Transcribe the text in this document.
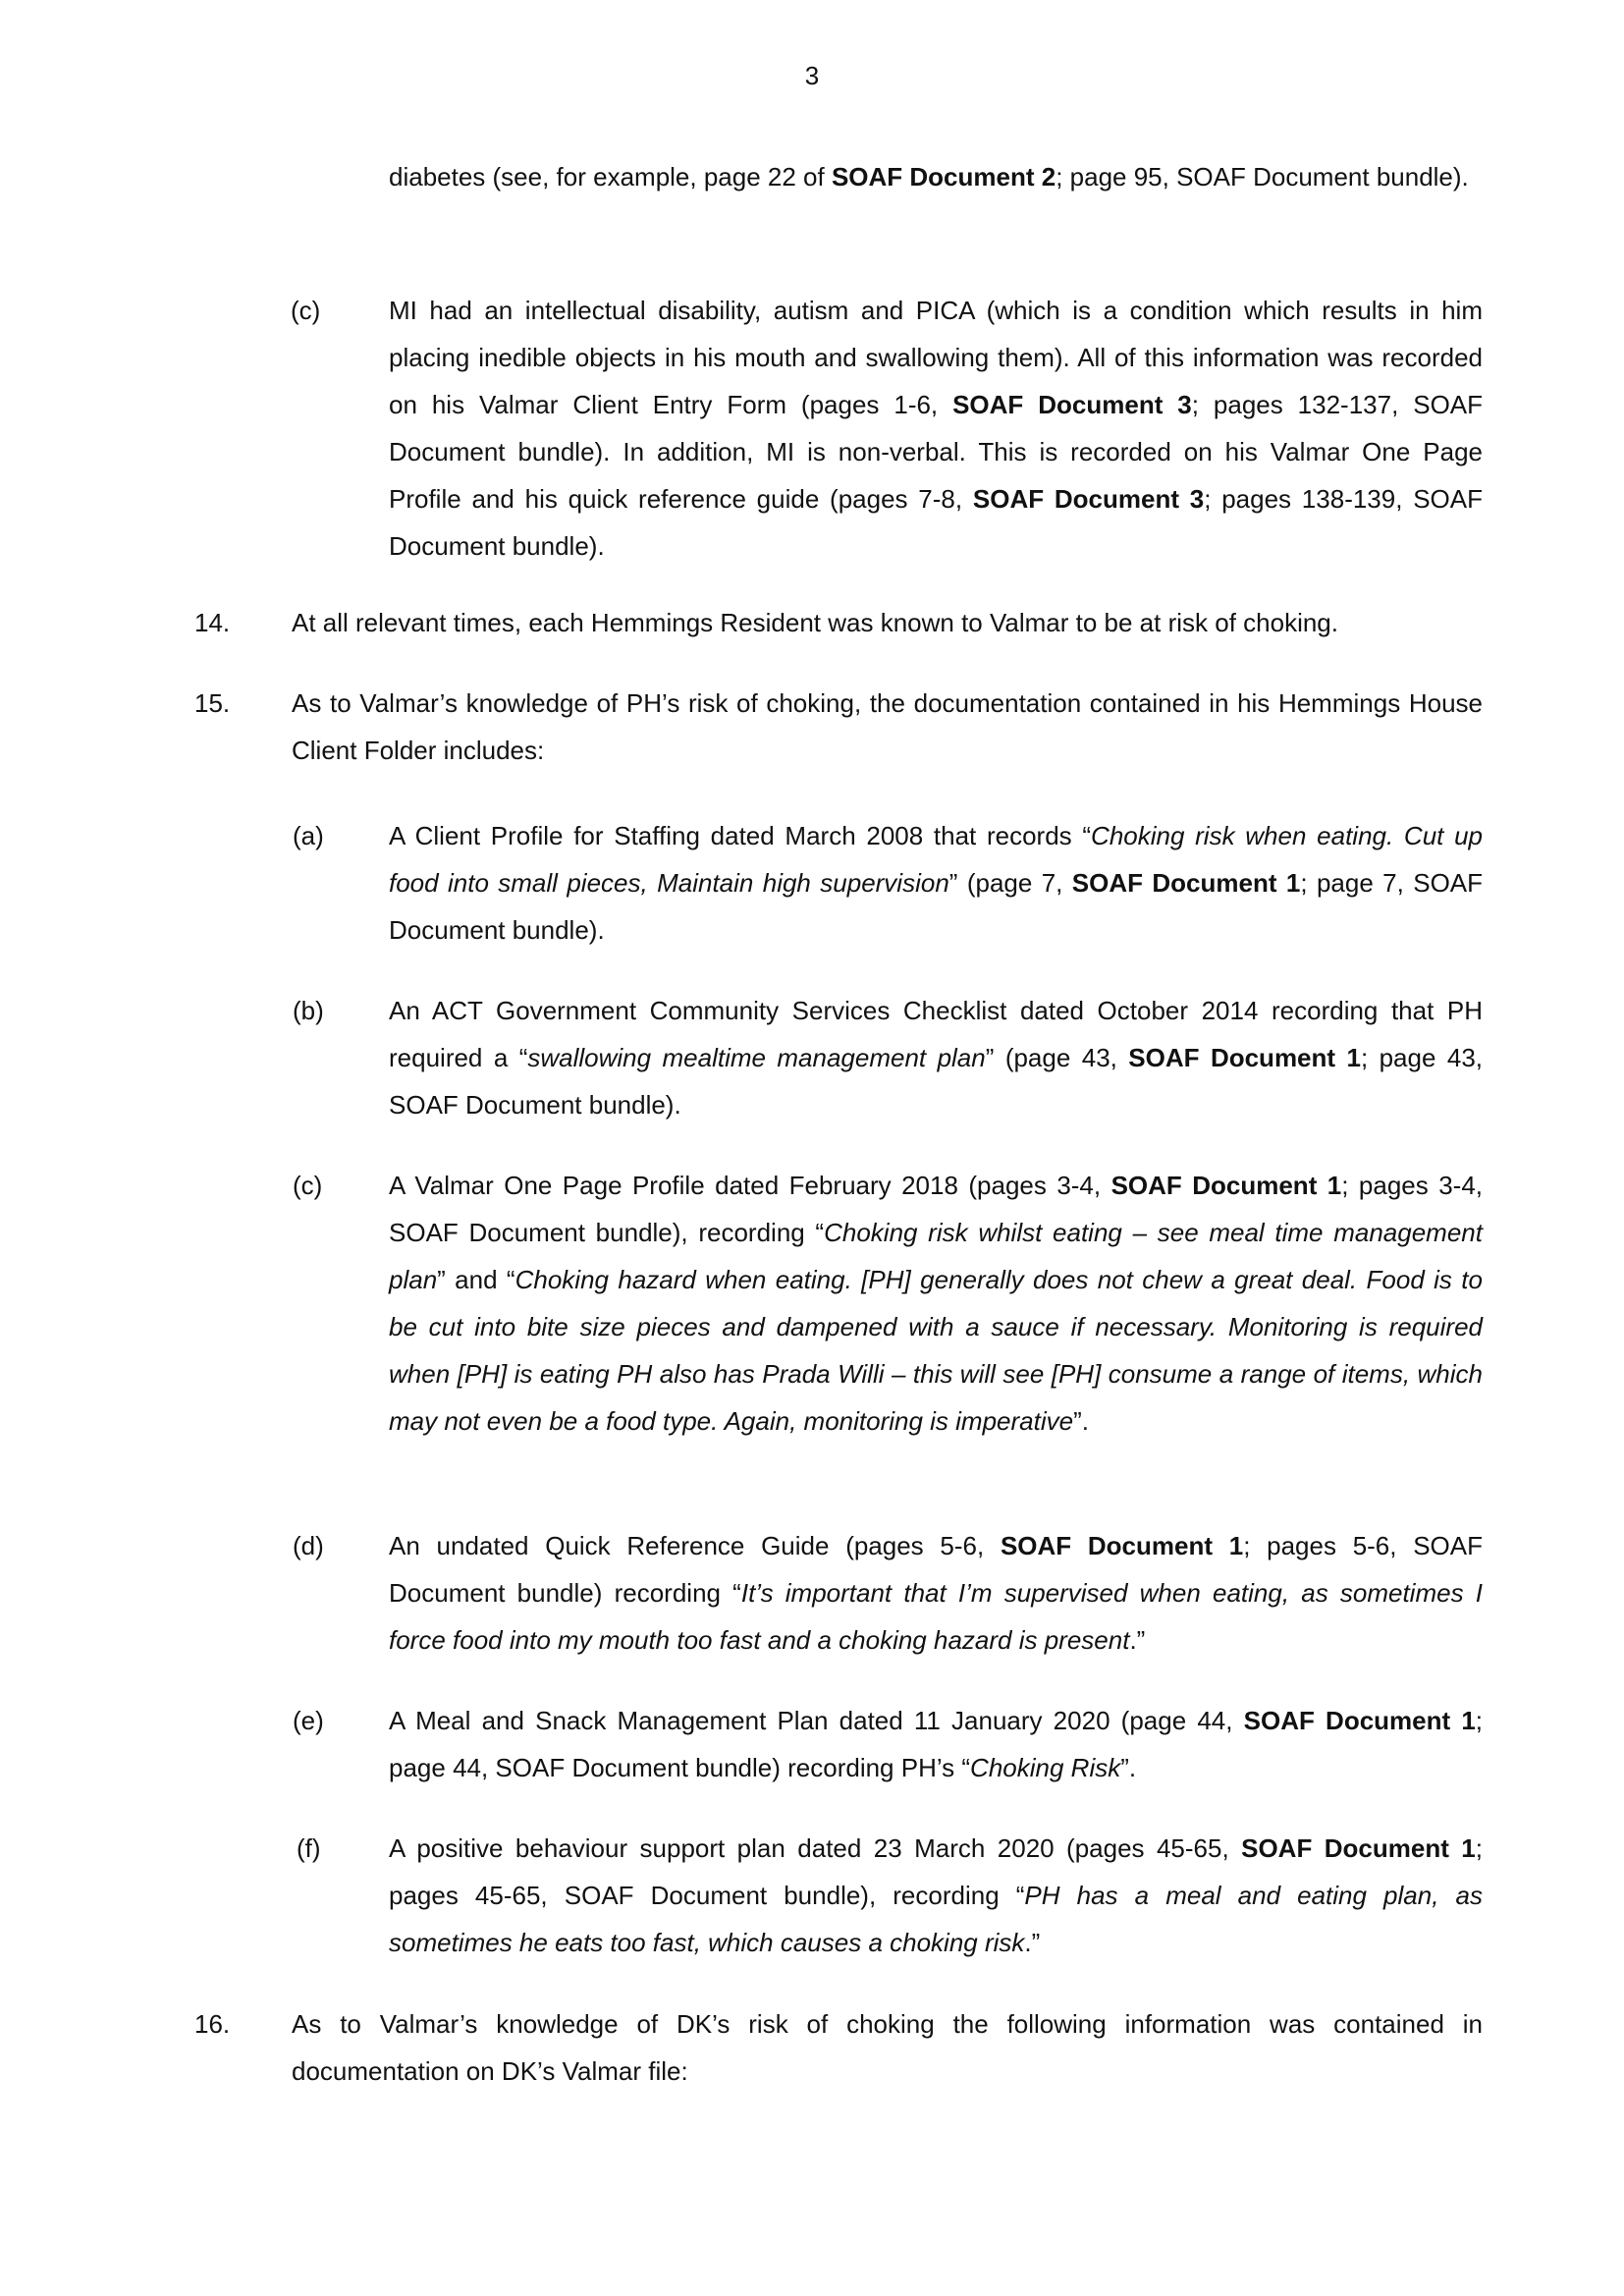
3

diabetes (see, for example, page 22 of SOAF Document 2; page 95, SOAF Document bundle).

(c)	MI had an intellectual disability, autism and PICA (which is a condition which results in him placing inedible objects in his mouth and swallowing them). All of this information was recorded on his Valmar Client Entry Form (pages 1-6, SOAF Document 3; pages 132-137, SOAF Document bundle). In addition, MI is non-verbal. This is recorded on his Valmar One Page Profile and his quick reference guide (pages 7-8, SOAF Document 3; pages 138-139, SOAF Document bundle).

14. At all relevant times, each Hemmings Resident was known to Valmar to be at risk of choking.

15. As to Valmar’s knowledge of PH’s risk of choking, the documentation contained in his Hemmings House Client Folder includes:

(a)	A Client Profile for Staffing dated March 2008 that records “Choking risk when eating. Cut up food into small pieces, Maintain high supervision” (page 7, SOAF Document 1; page 7, SOAF Document bundle).

(b)	An ACT Government Community Services Checklist dated October 2014 recording that PH required a “swallowing mealtime management plan” (page 43, SOAF Document 1; page 43, SOAF Document bundle).

(c)	A Valmar One Page Profile dated February 2018 (pages 3-4, SOAF Document 1; pages 3-4, SOAF Document bundle), recording “Choking risk whilst eating – see meal time management plan” and “Choking hazard when eating. [PH] generally does not chew a great deal. Food is to be cut into bite size pieces and dampened with a sauce if necessary. Monitoring is required when [PH] is eating PH also has Prada Willi – this will see [PH] consume a range of items, which may not even be a food type. Again, monitoring is imperative”.

(d)	An undated Quick Reference Guide (pages 5-6, SOAF Document 1; pages 5-6, SOAF Document bundle) recording “It’s important that I’m supervised when eating, as sometimes I force food into my mouth too fast and a choking hazard is present.”

(e)	A Meal and Snack Management Plan dated 11 January 2020 (page 44, SOAF Document 1; page 44, SOAF Document bundle) recording PH’s “Choking Risk”.

(f)	A positive behaviour support plan dated 23 March 2020 (pages 45-65, SOAF Document 1; pages 45-65, SOAF Document bundle), recording “PH has a meal and eating plan, as sometimes he eats too fast, which causes a choking risk.”

16. As to Valmar’s knowledge of DK’s risk of choking the following information was contained in documentation on DK’s Valmar file:
